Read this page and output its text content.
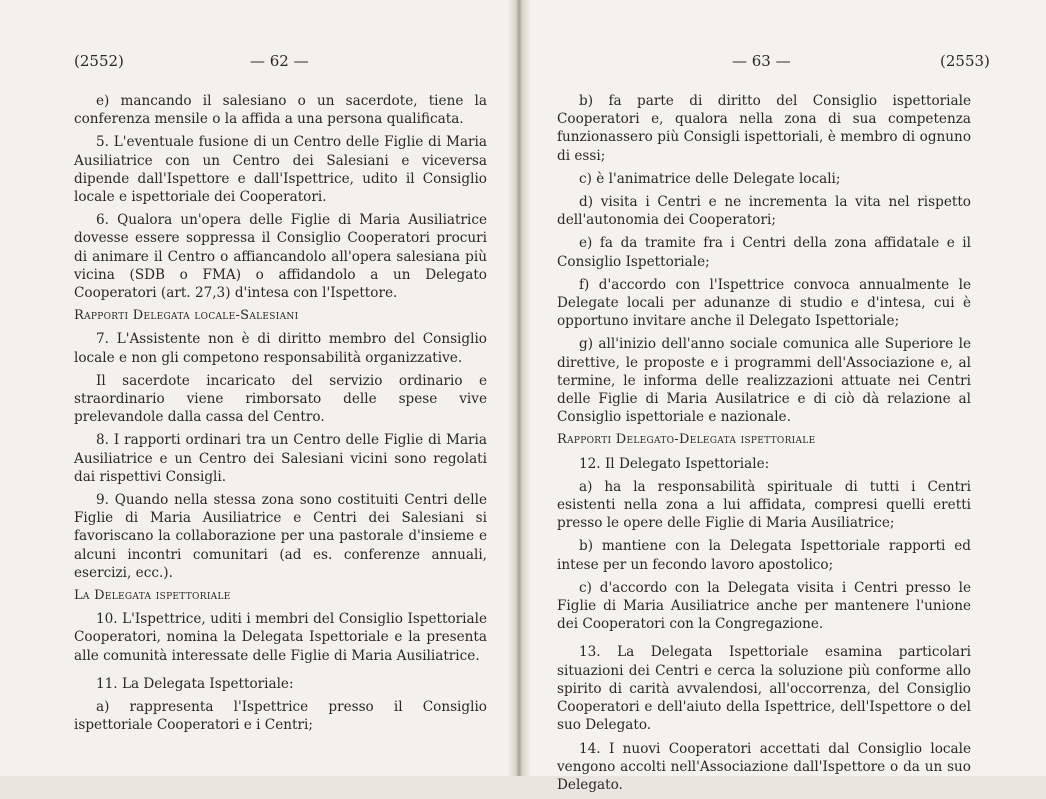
(2552)	— 62 —

e) mancando il salesiano o un sacerdote, tiene la conferenza mensile o la affida a una persona qualificata.

5. L'eventuale fusione di un Centro delle Figlie di Maria Ausiliatrice con un Centro dei Salesiani e viceversa dipende dall'Ispettore e dall'Ispettrice, udito il Consiglio locale e ispettoriale dei Cooperatori.

6. Qualora un'opera delle Figlie di Maria Ausiliatrice dovesse essere soppressa il Consiglio Cooperatori procuri di animare il Centro o affiancandolo all'opera salesiana più vicina (SDB o FMA) o affidandolo a un Delegato Cooperatori (art. 27,3) d'intesa con l'Ispettore.

Rapporti Delegata locale-Salesiani

7. L'Assistente non è di diritto membro del Consiglio locale e non gli competono responsabilità organizzative.

Il sacerdote incaricato del servizio ordinario e straordinario viene rimborsato delle spese vive prelevandole dalla cassa del Centro.

8. I rapporti ordinari tra un Centro delle Figlie di Maria Ausiliatrice e un Centro dei Salesiani vicini sono regolati dai rispettivi Consigli.

9. Quando nella stessa zona sono costituiti Centri delle Figlie di Maria Ausiliatrice e Centri dei Salesiani si favoriscano la collaborazione per una pastorale d'insieme e alcuni incontri comunitari (ad es. conferenze annuali, esercizi, ecc.).

La Delegata ispettoriale

10. L'Ispettrice, uditi i membri del Consiglio Ispettoriale Cooperatori, nomina la Delegata Ispettoriale e la presenta alle comunità interessate delle Figlie di Maria Ausiliatrice.

11. La Delegata Ispettoriale:

a) rappresenta l'Ispettrice presso il Consiglio ispettoriale Cooperatori e i Centri;

— 63 —	(2553)

b) fa parte di diritto del Consiglio ispettoriale Cooperatori e, qualora nella zona di sua competenza funzionassero più Consigli ispettoriali, è membro di ognuno di essi;

c) è l'animatrice delle Delegate locali;

d) visita i Centri e ne incrementa la vita nel rispetto dell'autonomia dei Cooperatori;

e) fa da tramite fra i Centri della zona affidatale e il Consiglio Ispettoriale;

f) d'accordo con l'Ispettrice convoca annualmente le Delegate locali per adunanze di studio e d'intesa, cui è opportuno invitare anche il Delegato Ispettoriale;

g) all'inizio dell'anno sociale comunica alle Superiore le direttive, le proposte e i programmi dell'Associazione e, al termine, le informa delle realizzazioni attuate nei Centri delle Figlie di Maria Ausilatrice e di ciò dà relazione al Consiglio ispettoriale e nazionale.

Rapporti Delegato-Delegata ispettoriale

12. Il Delegato Ispettoriale:

a) ha la responsabilità spirituale di tutti i Centri esistenti nella zona a lui affidata, compresi quelli eretti presso le opere delle Figlie di Maria Ausiliatrice;

b) mantiene con la Delegata Ispettoriale rapporti ed intese per un fecondo lavoro apostolico;

c) d'accordo con la Delegata visita i Centri presso le Figlie di Maria Ausiliatrice anche per mantenere l'unione dei Cooperatori con la Congregazione.

13. La Delegata Ispettoriale esamina particolari situazioni dei Centri e cerca la soluzione più conforme allo spirito di carità avvalendosi, all'occorrenza, del Consiglio Cooperatori e dell'aiuto della Ispettrice, dell'Ispettore o del suo Delegato.

14. I nuovi Cooperatori accettati dal Consiglio locale vengono accolti nell'Associazione dall'Ispettore o da un suo Delegato.
